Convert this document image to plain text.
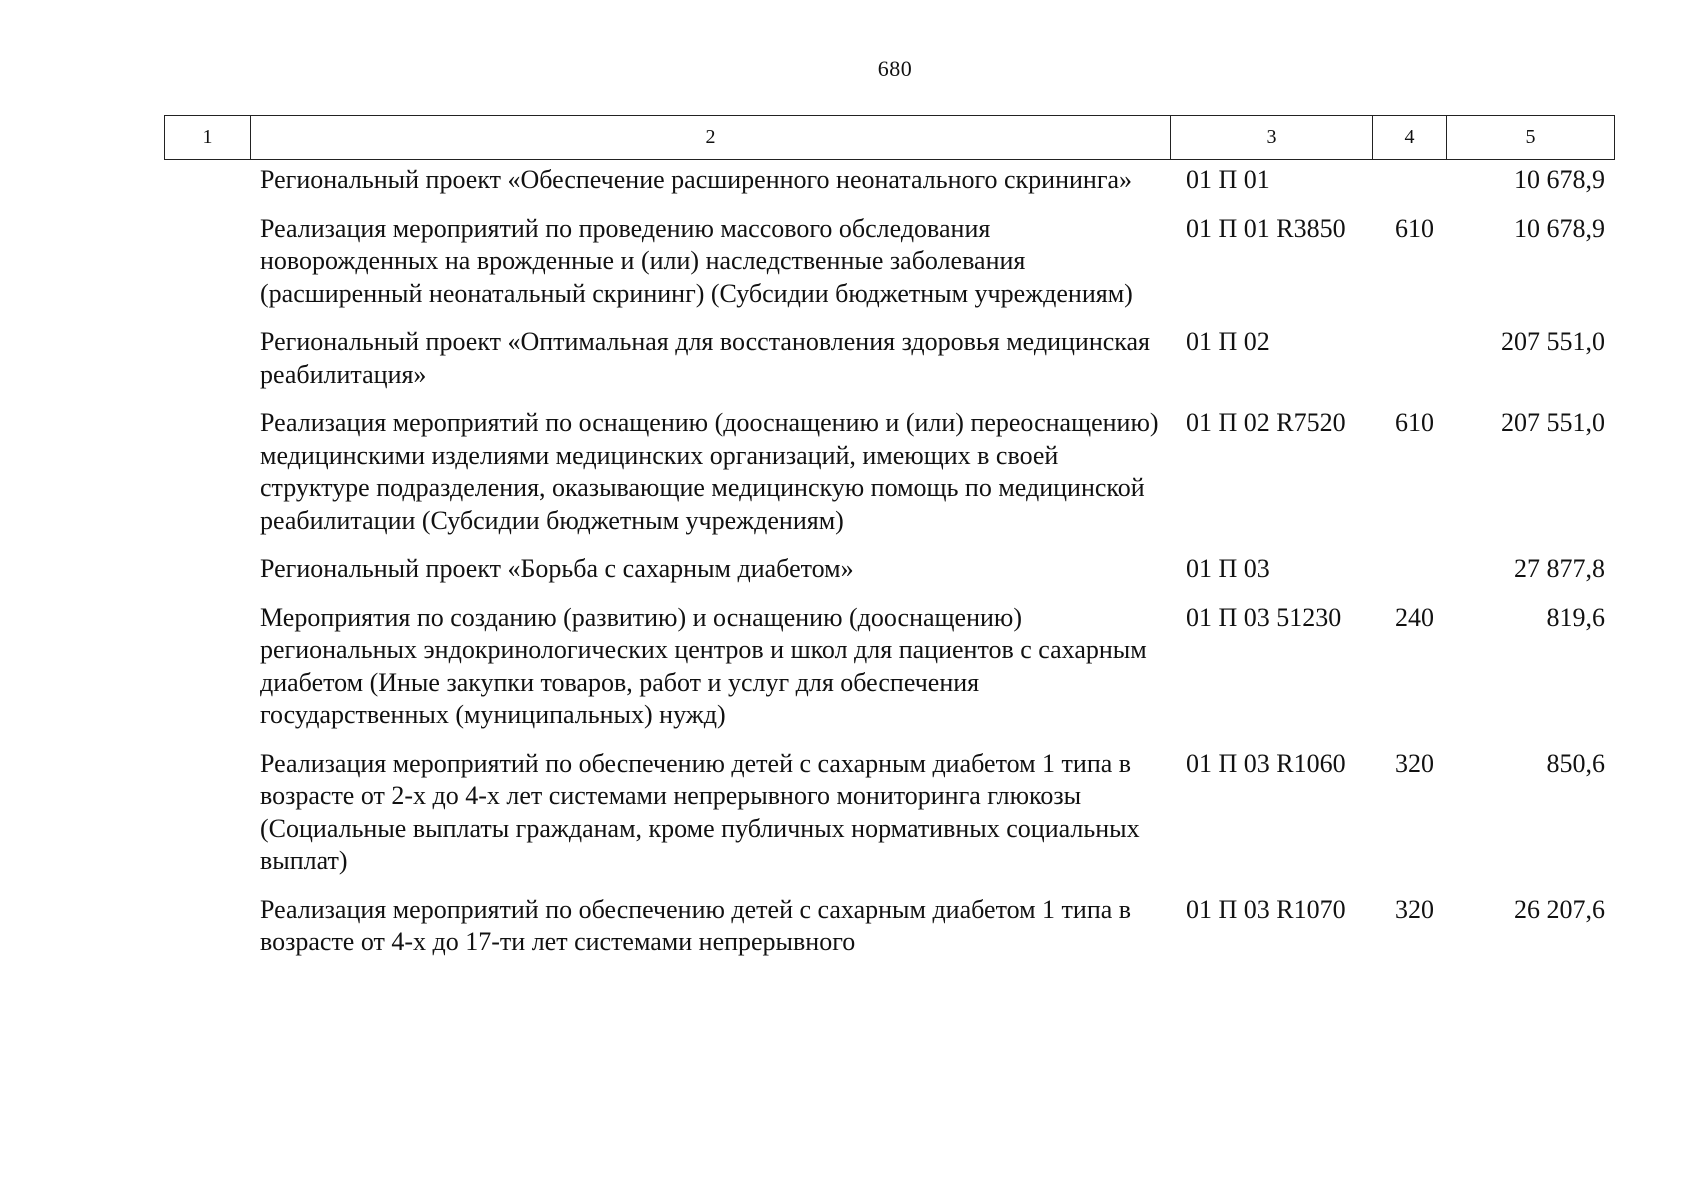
680
1	2	3	4	5
Региональный проект «Обеспечение расширенного неонатального скрининга»	01 П 01		10 678,9
Реализация мероприятий по проведению массового обследования новорожденных на врожденные и (или) наследственные заболевания (расширенный неонатальный скрининг) (Субсидии бюджетным учреждениям)	01 П 01 R3850	610	10 678,9
Региональный проект «Оптимальная для восстановления здоровья медицинская реабилитация»	01 П 02		207 551,0
Реализация мероприятий по оснащению (дооснащению и (или) переоснащению) медицинскими изделиями медицинских организаций, имеющих в своей структуре подразделения, оказывающие медицинскую помощь по медицинской реабилитации (Субсидии бюджетным учреждениям)	01 П 02 R7520	610	207 551,0
Региональный проект «Борьба с сахарным диабетом»	01 П 03		27 877,8
Мероприятия по созданию (развитию) и оснащению (дооснащению) региональных эндокринологических центров и школ для пациентов с сахарным диабетом (Иные закупки товаров, работ и услуг для обеспечения государственных (муниципальных) нужд)	01 П 03 51230	240	819,6
Реализация мероприятий по обеспечению детей с сахарным диабетом 1 типа в возрасте от 2-х до 4-х лет системами непрерывного мониторинга глюкозы (Социальные выплаты гражданам, кроме публичных нормативных социальных выплат)	01 П 03 R1060	320	850,6
Реализация мероприятий по обеспечению детей с сахарным диабетом 1 типа в возрасте от 4-х до 17-ти лет системами непрерывного	01 П 03 R1070	320	26 207,6
